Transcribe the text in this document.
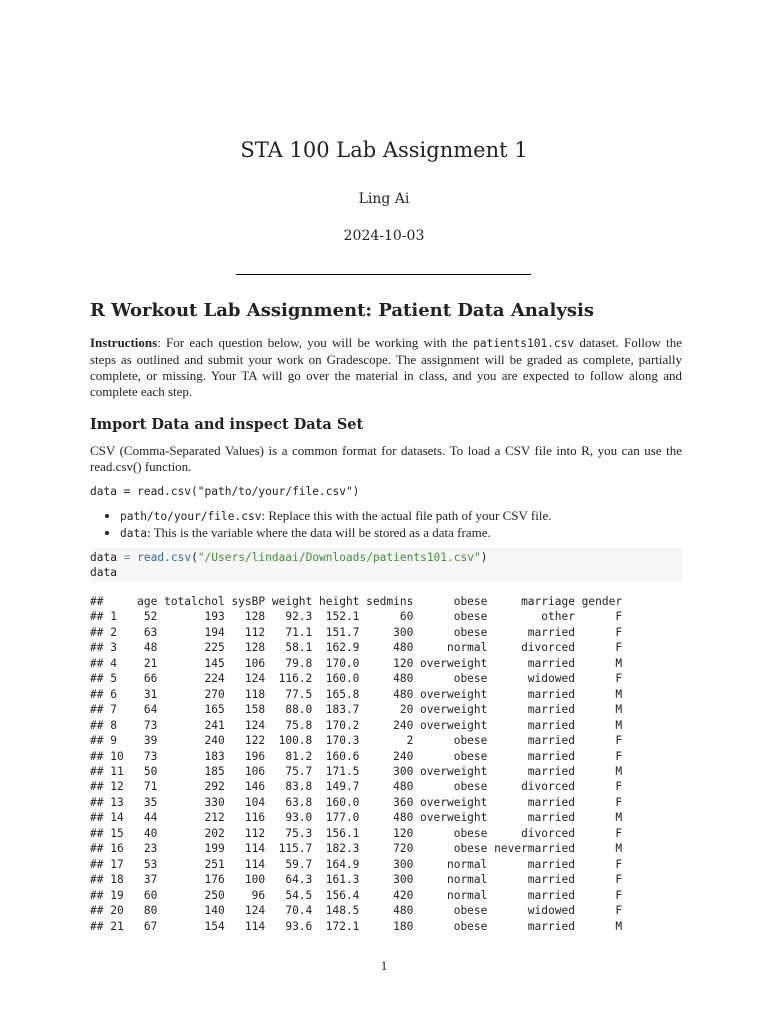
STA 100 Lab Assignment 1
Ling Ai
2024-10-03
R Workout Lab Assignment: Patient Data Analysis

Instructions: For each question below, you will be working with the patients101.csv dataset. Follow the steps as outlined and submit your work on Gradescope. The assignment will be graded as complete, partially complete, or missing. Your TA will go over the material in class, and you are expected to follow along and complete each step.

Import Data and inspect Data Set

CSV (Comma-Separated Values) is a common format for datasets. To load a CSV file into R, you can use the read.csv() function.

data = read.csv("path/to/your/file.csv")
• path/to/your/file.csv: Replace this with the actual file path of your CSV file.
• data: This is the variable where the data will be stored as a data frame.
data = read.csv("/Users/lindaai/Downloads/patients101.csv")
data
##     age totalchol sysBP weight height sedmins      obese     marriage gender
## 1    52       193   128   92.3  152.1      60      obese        other      F
## 2    63       194   112   71.1  151.7     300      obese      married      F
## 3    48       225   128   58.1  162.9     480     normal     divorced      F
## 4    21       145   106   79.8  170.0     120 overweight      married      M
## 5    66       224   124  116.2  160.0     480      obese      widowed      F
## 6    31       270   118   77.5  165.8     480 overweight      married      M
## 7    64       165   158   88.0  183.7      20 overweight      married      M
## 8    73       241   124   75.8  170.2     240 overweight      married      M
## 9    39       240   122  100.8  170.3       2      obese      married      F
## 10   73       183   196   81.2  160.6     240      obese      married      F
## 11   50       185   106   75.7  171.5     300 overweight      married      M
## 12   71       292   146   83.8  149.7     480      obese     divorced      F
## 13   35       330   104   63.8  160.0     360 overweight      married      F
## 14   44       212   116   93.0  177.0     480 overweight      married      M
## 15   40       202   112   75.3  156.1     120      obese     divorced      F
## 16   23       199   114  115.7  182.3     720      obese nevermarried      M
## 17   53       251   114   59.7  164.9     300     normal      married      F
## 18   37       176   100   64.3  161.3     300     normal      married      F
## 19   60       250    96   54.5  156.4     420     normal      married      F
## 20   80       140   124   70.4  148.5     480      obese      widowed      F
## 21   67       154   114   93.6  172.1     180      obese      married      M
1
